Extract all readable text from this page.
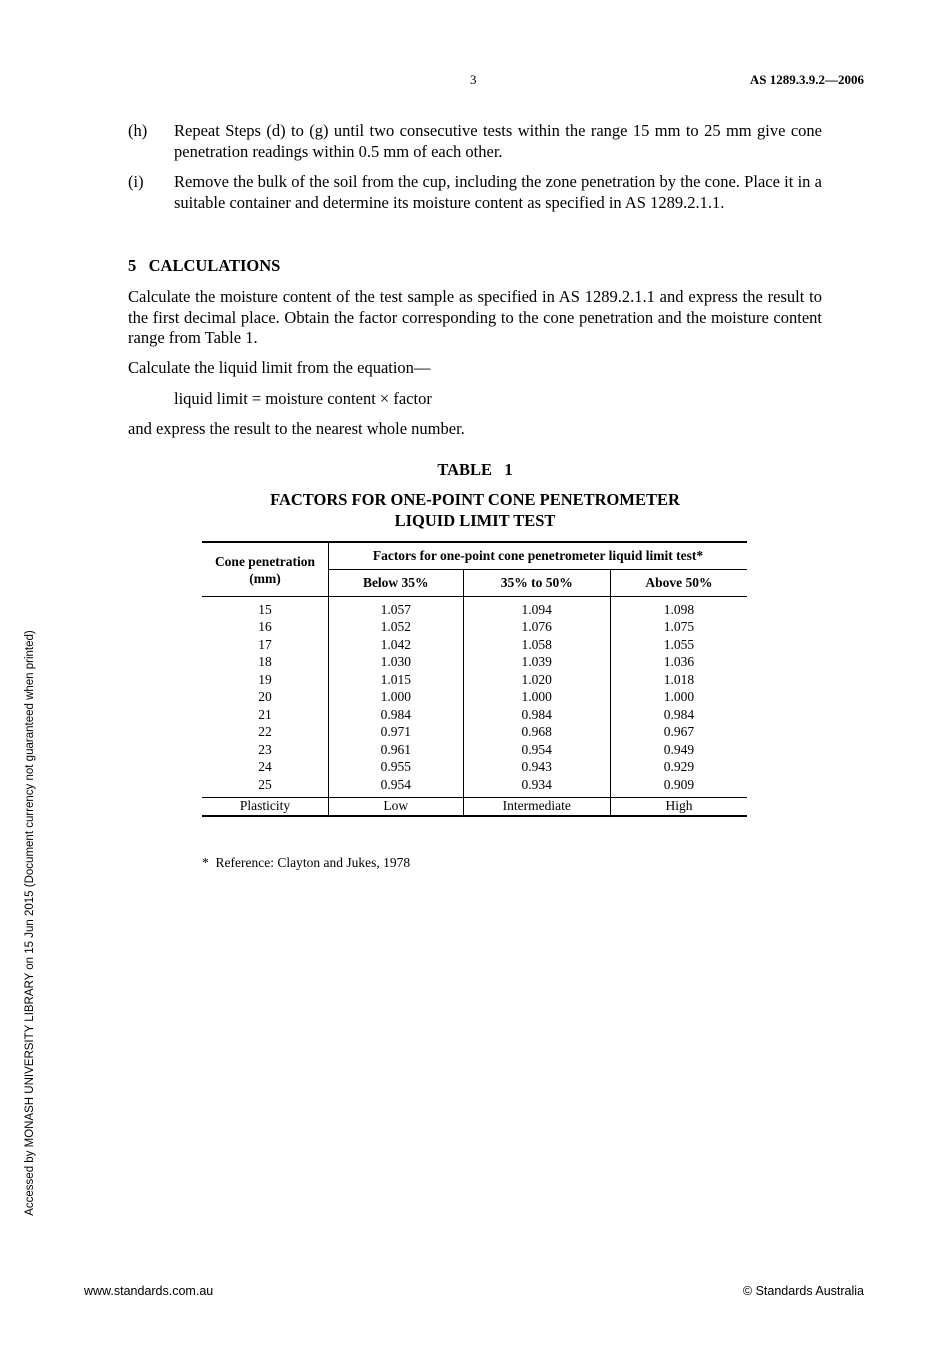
3	AS 1289.3.9.2—2006
(h) Repeat Steps (d) to (g) until two consecutive tests within the range 15 mm to 25 mm give cone penetration readings within 0.5 mm of each other.
(i) Remove the bulk of the soil from the cup, including the zone penetration by the cone. Place it in a suitable container and determine its moisture content as specified in AS 1289.2.1.1.
5   CALCULATIONS
Calculate the moisture content of the test sample as specified in AS 1289.2.1.1 and express the result to the first decimal place. Obtain the factor corresponding to the cone penetration and the moisture content range from Table 1.
Calculate the liquid limit from the equation—
liquid limit = moisture content × factor
and express the result to the nearest whole number.
TABLE   1
FACTORS FOR ONE-POINT CONE PENETROMETER
LIQUID LIMIT TEST
Cone penetration
(mm)	Factors for one-point cone penetrometer liquid limit test*		
	Below 35%	35% to 50%	Above 50%
15	1.057	1.094	1.098
16	1.052	1.076	1.075
17	1.042	1.058	1.055
18	1.030	1.039	1.036
19	1.015	1.020	1.018
20	1.000	1.000	1.000
21	0.984	0.984	0.984
22	0.971	0.968	0.967
23	0.961	0.954	0.949
24	0.955	0.943	0.929
25	0.954	0.934	0.909
Plasticity	Low	Intermediate	High
*  Reference: Clayton and Jukes, 1978
Accessed by MONASH UNIVERSITY LIBRARY on 15 Jun 2015 (Document currency not guaranteed when printed)
www.standards.com.au	© Standards Australia
